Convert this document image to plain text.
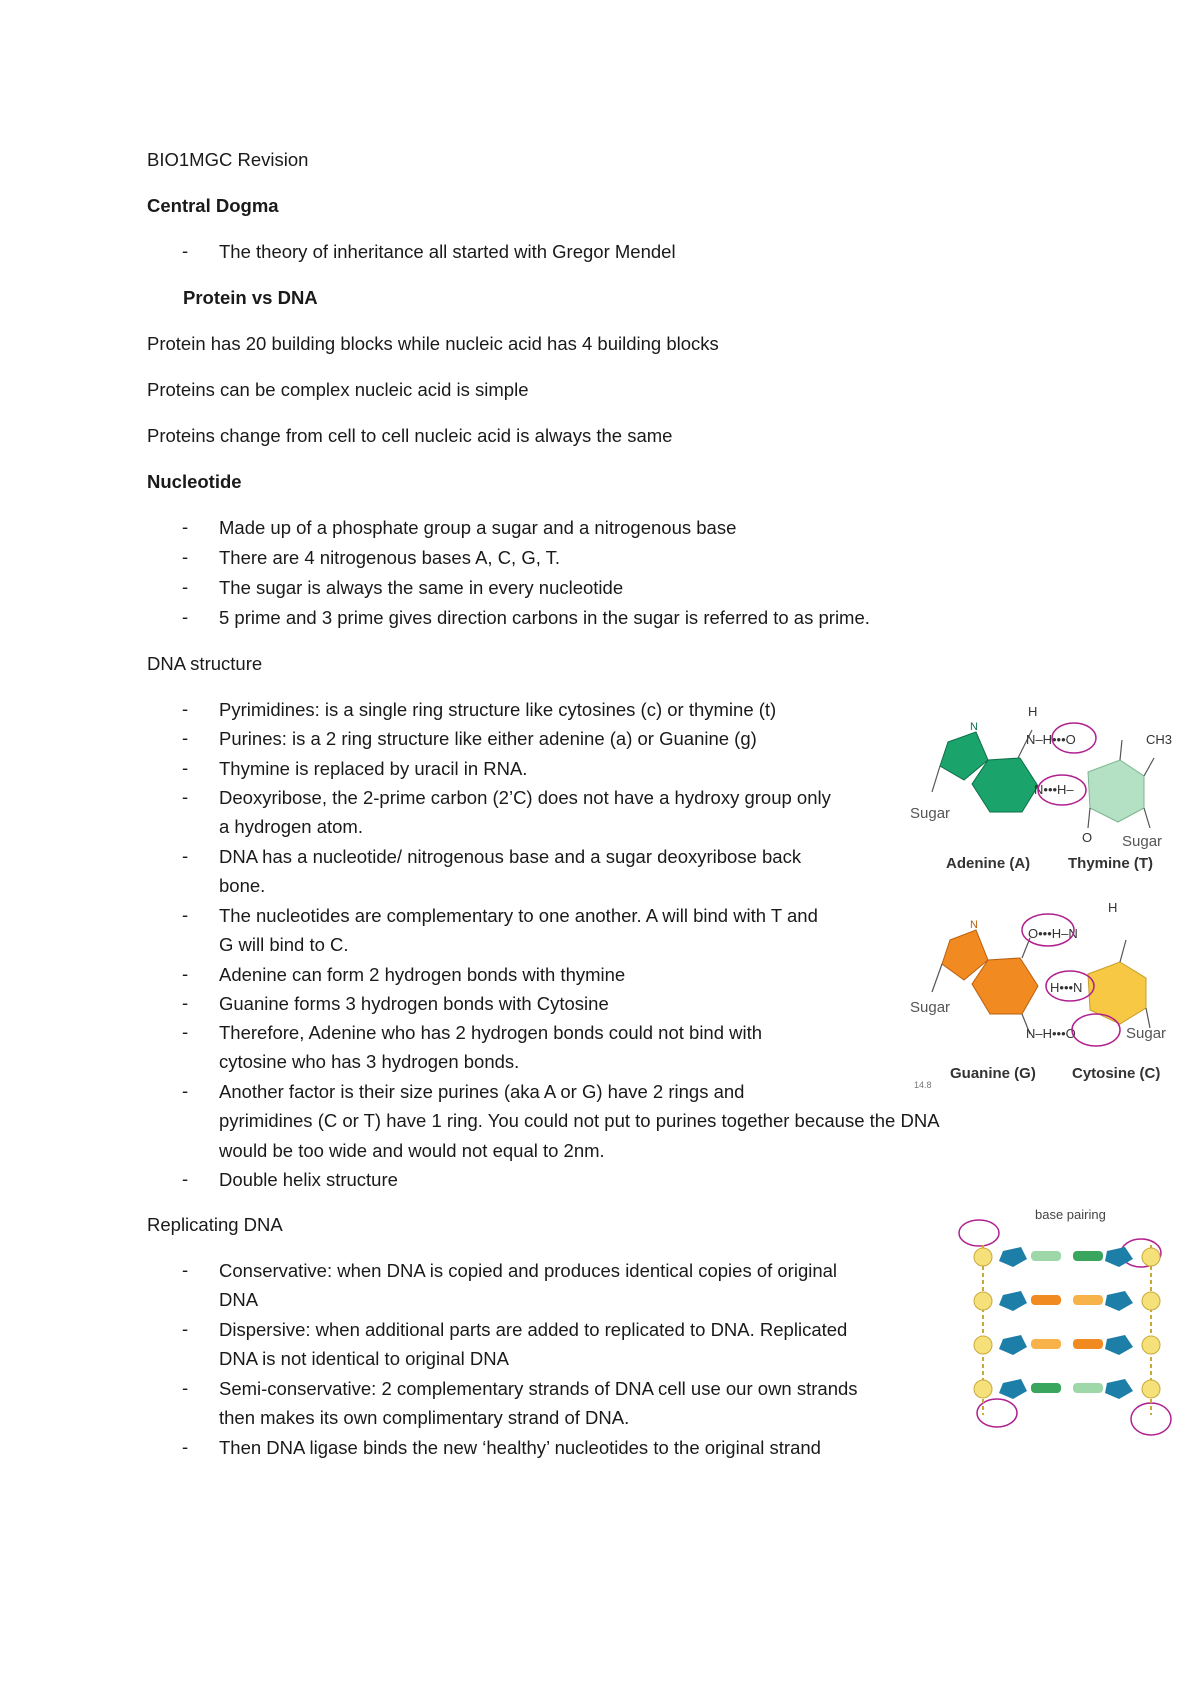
BIO1MGC Revision
Central Dogma
- The theory of inheritance all started with Gregor Mendel
Protein vs DNA
Protein has 20 building blocks while nucleic acid has 4 building blocks
Proteins can be complex nucleic acid is simple
Proteins change from cell to cell nucleic acid is always the same
Nucleotide
- Made up of a phosphate group a sugar and a nitrogenous base
- There are 4 nitrogenous bases A, C, G, T.
- The sugar is always the same in every nucleotide
- 5 prime and 3 prime gives direction carbons in the sugar is referred to as prime.
DNA structure
- Pyrimidines: is a single ring structure like cytosines (c) or thymine (t)
- Purines: is a 2 ring structure like either adenine (a) or Guanine (g)
- Thymine is replaced by uracil in RNA.
- Deoxyribose, the 2-prime carbon (2’C) does not have a hydroxy group only
a hydrogen atom.
- DNA has a nucleotide/ nitrogenous base and a sugar deoxyribose back
bone.
- The nucleotides are complementary to one another. A will bind with T and
G will bind to C.
- Adenine can form 2 hydrogen bonds with thymine
- Guanine forms 3 hydrogen bonds with Cytosine
- Therefore, Adenine who has 2 hydrogen bonds could not bind with
cytosine who has 3 hydrogen bonds.
- Another factor is their size purines (aka A or G) have 2 rings and
pyrimidines (C or T) have 1 ring. You could not put to purines together because the DNA
would be too wide and would not equal to 2nm.
- Double helix structure
Replicating DNA
- Conservative: when DNA is copied and produces identical copies of original
DNA
- Dispersive: when additional parts are added to replicated to DNA. Replicated
DNA is not identical to original DNA
- Semi-conservative: 2 complementary strands of DNA cell use our own strands
then makes its own complimentary strand of DNA.
- Then DNA ligase binds the new ‘healthy’ nucleotides to the original strand
H
N
N–H•••O
N•••H–
CH3
O
Sugar
Sugar
Adenine (A)	Thymine (T)
H
N
O•••H–N
H•••N
N–H•••O
Sugar
Sugar
14.8
Guanine (G) Cytosine (C)
base pairing
